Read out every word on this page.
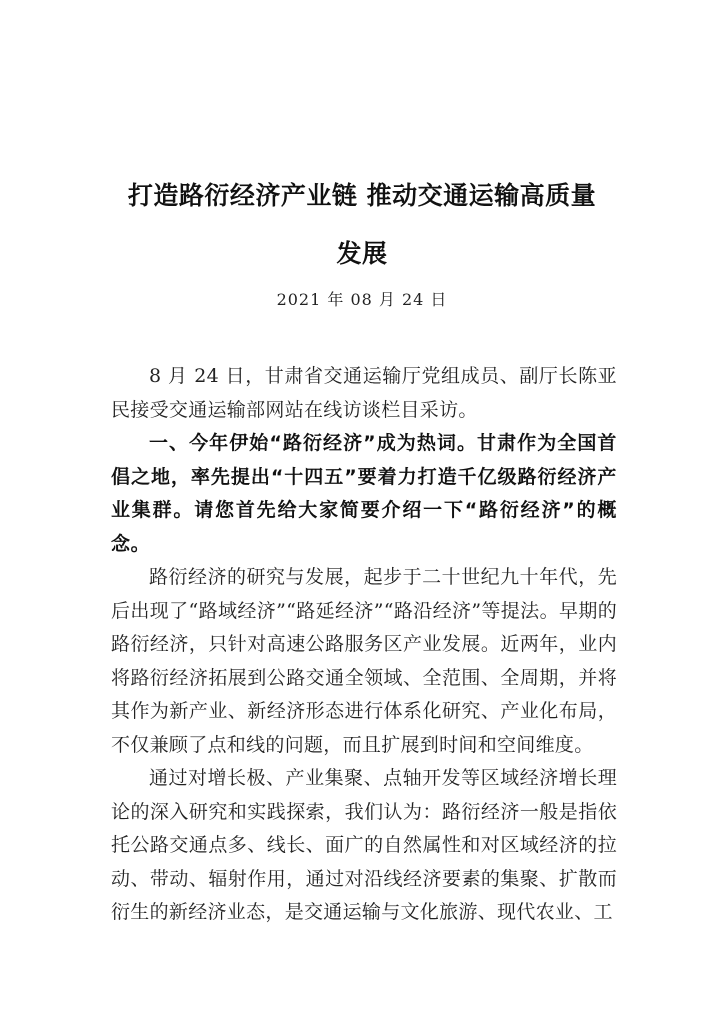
打造路衍经济产业链 推动交通运输高质量
发展
2021 年 08 月 24 日

8 月 24 日，甘肃省交通运输厅党组成员、副厅长陈亚民接受交通运输部网站在线访谈栏目采访。

一、今年伊始“路衍经济”成为热词。甘肃作为全国首倡之地，率先提出“十四五”要着力打造千亿级路衍经济产业集群。请您首先给大家简要介绍一下“路衍经济”的概念。

路衍经济的研究与发展，起步于二十世纪九十年代，先后出现了“路域经济”“路延经济”“路沿经济”等提法。早期的路衍经济，只针对高速公路服务区产业发展。近两年，业内将路衍经济拓展到公路交通全领域、全范围、全周期，并将其作为新产业、新经济形态进行体系化研究、产业化布局，不仅兼顾了点和线的问题，而且扩展到时间和空间维度。

通过对增长极、产业集聚、点轴开发等区域经济增长理论的深入研究和实践探索，我们认为：路衍经济一般是指依托公路交通点多、线长、面广的自然属性和对区域经济的拉动、带动、辐射作用，通过对沿线经济要素的集聚、扩散而衍生的新经济业态，是交通运输与文化旅游、现代农业、工
